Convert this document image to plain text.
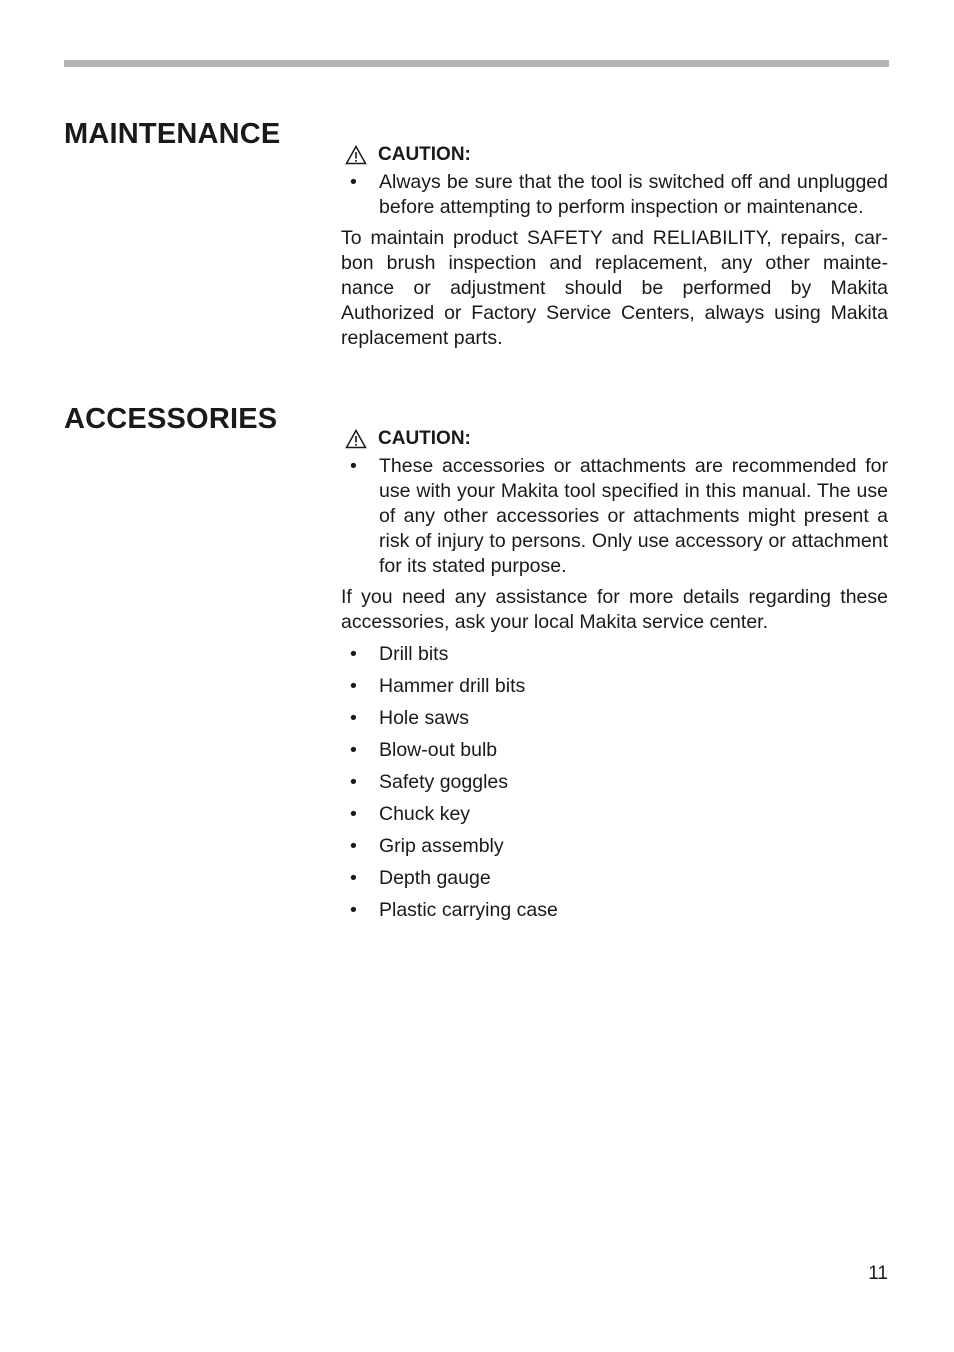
MAINTENANCE
CAUTION:
• Always be sure that the tool is switched off and unplugged before attempting to perform inspection or maintenance.
To maintain product SAFETY and RELIABILITY, repairs, car- bon brush inspection and replacement, any other mainte- nance or adjustment should be performed by Makita Authorized or Factory Service Centers, always using Makita replacement parts.
ACCESSORIES
CAUTION:
• These accessories or attachments are recommended for use with your Makita tool specified in this manual. The use of any other accessories or attachments might present a risk of injury to persons. Only use accessory or attachment for its stated purpose.
If you need any assistance for more details regarding these accessories, ask your local Makita service center.
• Drill bits
• Hammer drill bits
• Hole saws
• Blow-out bulb
• Safety goggles
• Chuck key
• Grip assembly
• Depth gauge
• Plastic carrying case
11
